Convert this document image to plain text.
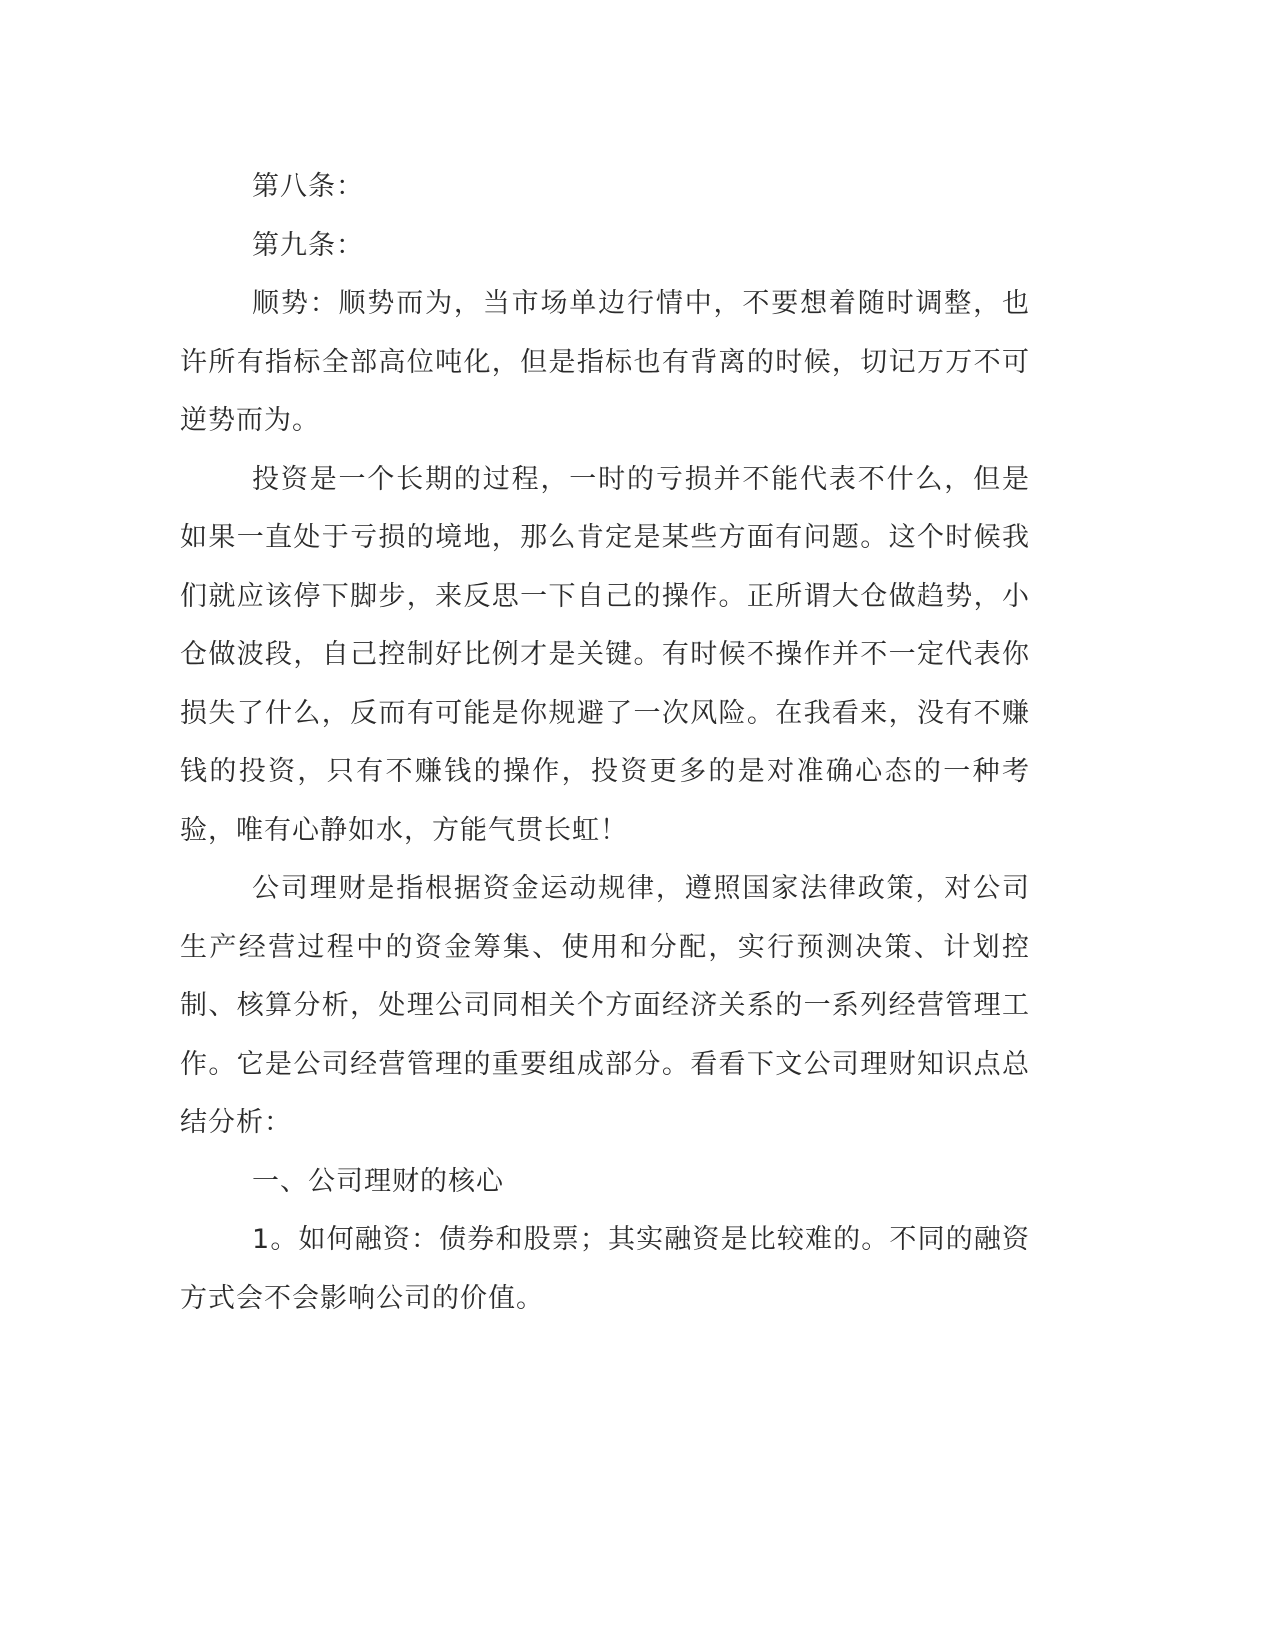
第八条：

第九条：

顺势：顺势而为，当市场单边行情中，不要想着随时调整，也许所有指标全部高位吨化，但是指标也有背离的时候，切记万万不可逆势而为。

投资是一个长期的过程，一时的亏损并不能代表不什么，但是如果一直处于亏损的境地，那么肯定是某些方面有问题。这个时候我们就应该停下脚步，来反思一下自己的操作。正所谓大仓做趋势，小仓做波段，自己控制好比例才是关键。有时候不操作并不一定代表你损失了什么，反而有可能是你规避了一次风险。在我看来，没有不赚钱的投资，只有不赚钱的操作，投资更多的是对准确心态的一种考验，唯有心静如水，方能气贯长虹！

公司理财是指根据资金运动规律，遵照国家法律政策，对公司生产经营过程中的资金筹集、使用和分配，实行预测决策、计划控制、核算分析，处理公司同相关个方面经济关系的一系列经营管理工作。它是公司经营管理的重要组成部分。看看下文公司理财知识点总结分析：

一、公司理财的核心

1。如何融资：债券和股票；其实融资是比较难的。不同的融资方式会不会影响公司的价值。
